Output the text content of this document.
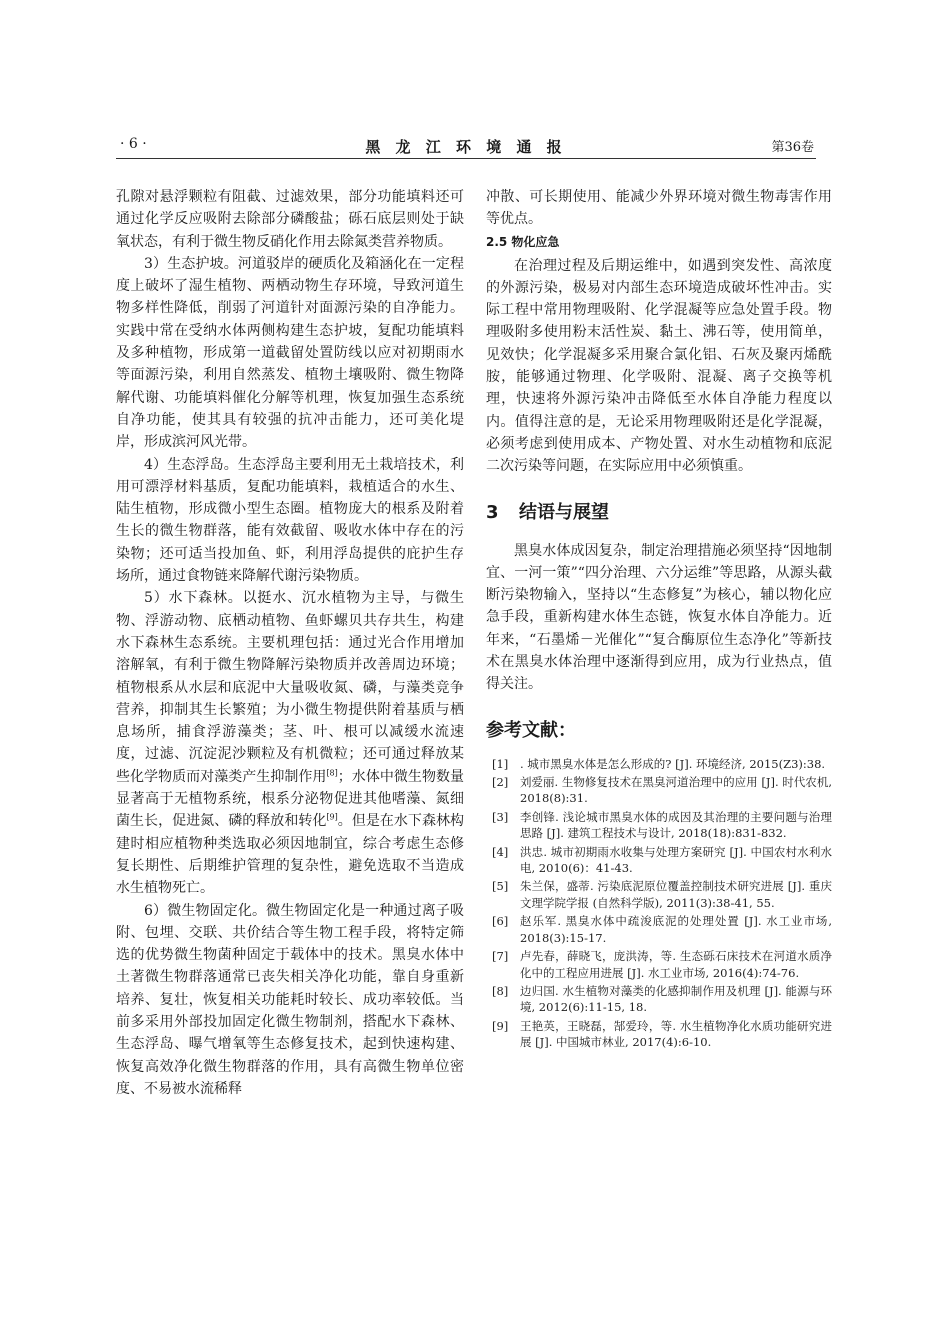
· 6 ·	黑 龙 江 环 境 通 报	第36卷

孔隙对悬浮颗粒有阻截、过滤效果，部分功能填料还可通过化学反应吸附去除部分磷酸盐；砾石底层则处于缺氧状态，有利于微生物反硝化作用去除氮类营养物质。

3）生态护坡。河道驳岸的硬质化及箱涵化在一定程度上破坏了湿生植物、两栖动物生存环境，导致河道生物多样性降低，削弱了河道针对面源污染的自净能力。实践中常在受纳水体两侧构建生态护坡，复配功能填料及多种植物，形成第一道截留处置防线以应对初期雨水等面源污染，利用自然蒸发、植物土壤吸附、微生物降解代谢、功能填料催化分解等机理，恢复加强生态系统自净功能，使其具有较强的抗冲击能力，还可美化堤岸，形成滨河风光带。

4）生态浮岛。生态浮岛主要利用无土栽培技术，利用可漂浮材料基质，复配功能填料，栽植适合的水生、陆生植物，形成微小型生态圈。植物庞大的根系及附着生长的微生物群落，能有效截留、吸收水体中存在的污染物；还可适当投加鱼、虾，利用浮岛提供的庇护生存场所，通过食物链来降解代谢污染物质。

5）水下森林。以挺水、沉水植物为主导，与微生物、浮游动物、底栖动植物、鱼虾螺贝共存共生，构建水下森林生态系统。主要机理包括：通过光合作用增加溶解氧，有利于微生物降解污染物质并改善周边环境；植物根系从水层和底泥中大量吸收氮、磷，与藻类竞争营养，抑制其生长繁殖；为小微生物提供附着基质与栖息场所，捕食浮游藻类；茎、叶、根可以减缓水流速度，过滤、沉淀泥沙颗粒及有机微粒；还可通过释放某些化学物质而对藻类产生抑制作用[8]；水体中微生物数量显著高于无植物系统，根系分泌物促进其他嗜藻、氮细菌生长，促进氮、磷的释放和转化[9]。但是在水下森林构建时相应植物种类选取必须因地制宜，综合考虑生态修复长期性、后期维护管理的复杂性，避免选取不当造成水生植物死亡。

6）微生物固定化。微生物固定化是一种通过离子吸附、包埋、交联、共价结合等生物工程手段，将特定筛选的优势微生物菌种固定于载体中的技术。黑臭水体中土著微生物群落通常已丧失相关净化功能，靠自身重新培养、复壮，恢复相关功能耗时较长、成功率较低。当前多采用外部投加固定化微生物制剂，搭配水下森林、生态浮岛、曝气增氧等生态修复技术，起到快速构建、恢复高效净化微生物群落的作用，具有高微生物单位密度、不易被水流稀释

冲散、可长期使用、能减少外界环境对微生物毒害作用等优点。

2.5 物化应急

在治理过程及后期运维中，如遇到突发性、高浓度的外源污染，极易对内部生态环境造成破坏性冲击。实际工程中常用物理吸附、化学混凝等应急处置手段。物理吸附多使用粉末活性炭、黏土、沸石等，使用简单，见效快；化学混凝多采用聚合氯化铝、石灰及聚丙烯酰胺，能够通过物理、化学吸附、混凝、离子交换等机理，快速将外源污染冲击降低至水体自净能力程度以内。值得注意的是，无论采用物理吸附还是化学混凝，必须考虑到使用成本、产物处置、对水生动植物和底泥二次污染等问题，在实际应用中必须慎重。

3 结语与展望

黑臭水体成因复杂，制定治理措施必须坚持“因地制宜、一河一策”“四分治理、六分运维”等思路，从源头截断污染物输入，坚持以“生态修复”为核心，辅以物化应急手段，重新构建水体生态链，恢复水体自净能力。近年来，“石墨烯－光催化”“复合酶原位生态净化”等新技术在黑臭水体治理中逐渐得到应用，成为行业热点，值得关注。

参考文献：
[1] . 城市黑臭水体是怎么形成的? [J]. 环境经济, 2015(Z3):38.
[2] 刘爱丽. 生物修复技术在黑臭河道治理中的应用 [J]. 时代农机, 2018(8):31.
[3] 李创锋. 浅论城市黑臭水体的成因及其治理的主要问题与治理思路 [J]. 建筑工程技术与设计, 2018(18):831-832.
[4] 洪忠. 城市初期雨水收集与处理方案研究 [J]. 中国农村水利水电, 2010(6)：41-43.
[5] 朱兰保，盛蒂. 污染底泥原位覆盖控制技术研究进展 [J]. 重庆文理学院学报 (自然科学版), 2011(3):38-41, 55.
[6] 赵乐军. 黑臭水体中疏浚底泥的处理处置 [J]. 水工业市场, 2018(3):15-17.
[7] 卢先春，薛晓飞，庞洪涛，等. 生态砾石床技术在河道水质净化中的工程应用进展 [J]. 水工业市场, 2016(4):74-76.
[8] 边归国. 水生植物对藻类的化感抑制作用及机理 [J]. 能源与环境, 2012(6):11-15, 18.
[9] 王艳英，王晓磊，郜爱玲，等. 水生植物净化水质功能研究进展 [J]. 中国城市林业, 2017(4):6-10.
